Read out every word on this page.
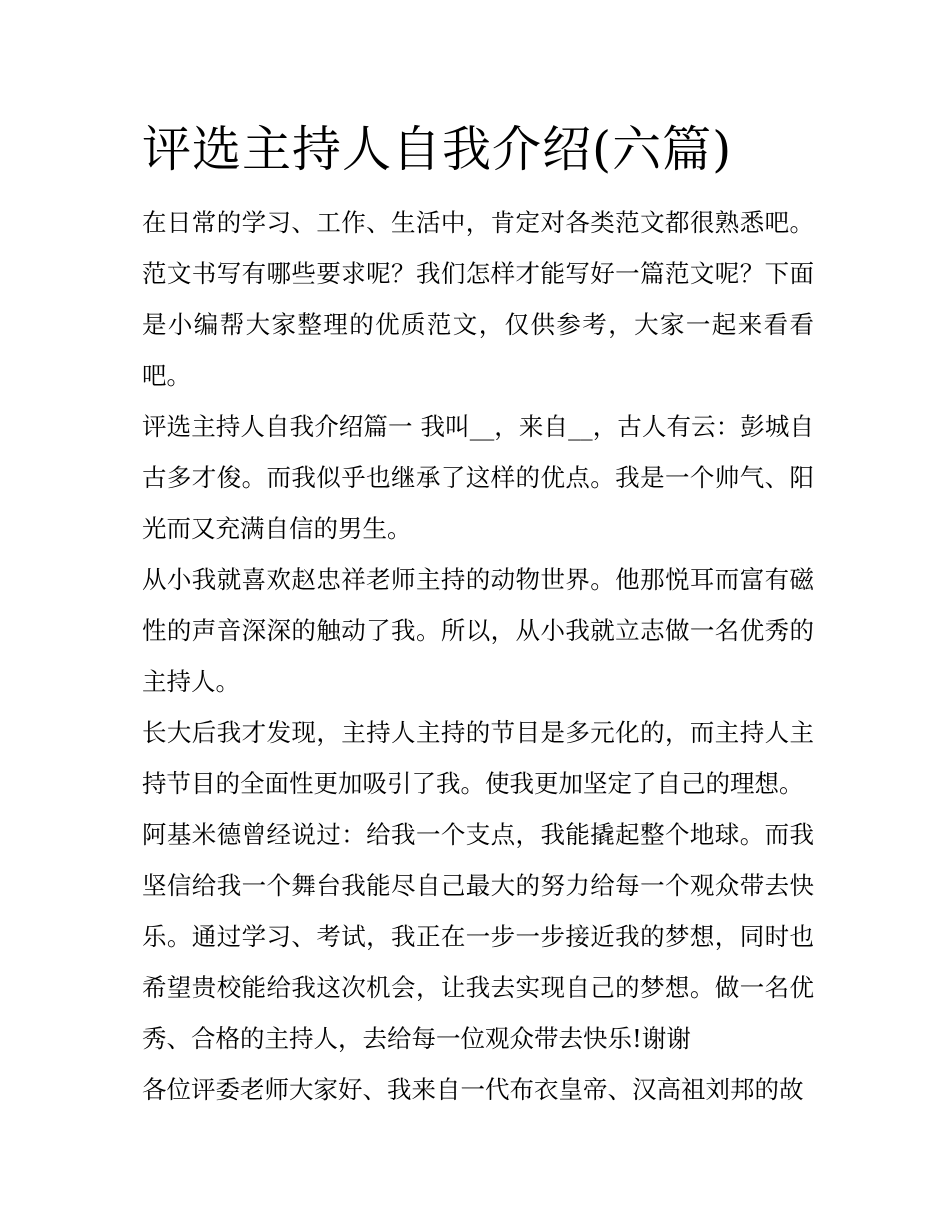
评选主持人自我介绍(六篇)

在日常的学习、工作、生活中，肯定对各类范文都很熟悉吧。范文书写有哪些要求呢？我们怎样才能写好一篇范文呢？下面是小编帮大家整理的优质范文，仅供参考，大家一起来看看吧。

评选主持人自我介绍篇一 我叫__，来自__，古人有云：彭城自古多才俊。而我似乎也继承了这样的优点。我是一个帅气、阳光而又充满自信的男生。

从小我就喜欢赵忠祥老师主持的动物世界。他那悦耳而富有磁性的声音深深的触动了我。所以，从小我就立志做一名优秀的主持人。

长大后我才发现，主持人主持的节目是多元化的，而主持人主持节目的全面性更加吸引了我。使我更加坚定了自己的理想。

阿基米德曾经说过：给我一个支点，我能撬起整个地球。而我坚信给我一个舞台我能尽自己最大的努力给每一个观众带去快乐。通过学习、考试，我正在一步一步接近我的梦想，同时也希望贵校能给我这次机会，让我去实现自己的梦想。做一名优秀、合格的主持人，去给每一位观众带去快乐!谢谢

各位评委老师大家好、我来自一代布衣皇帝、汉高祖刘邦的故
